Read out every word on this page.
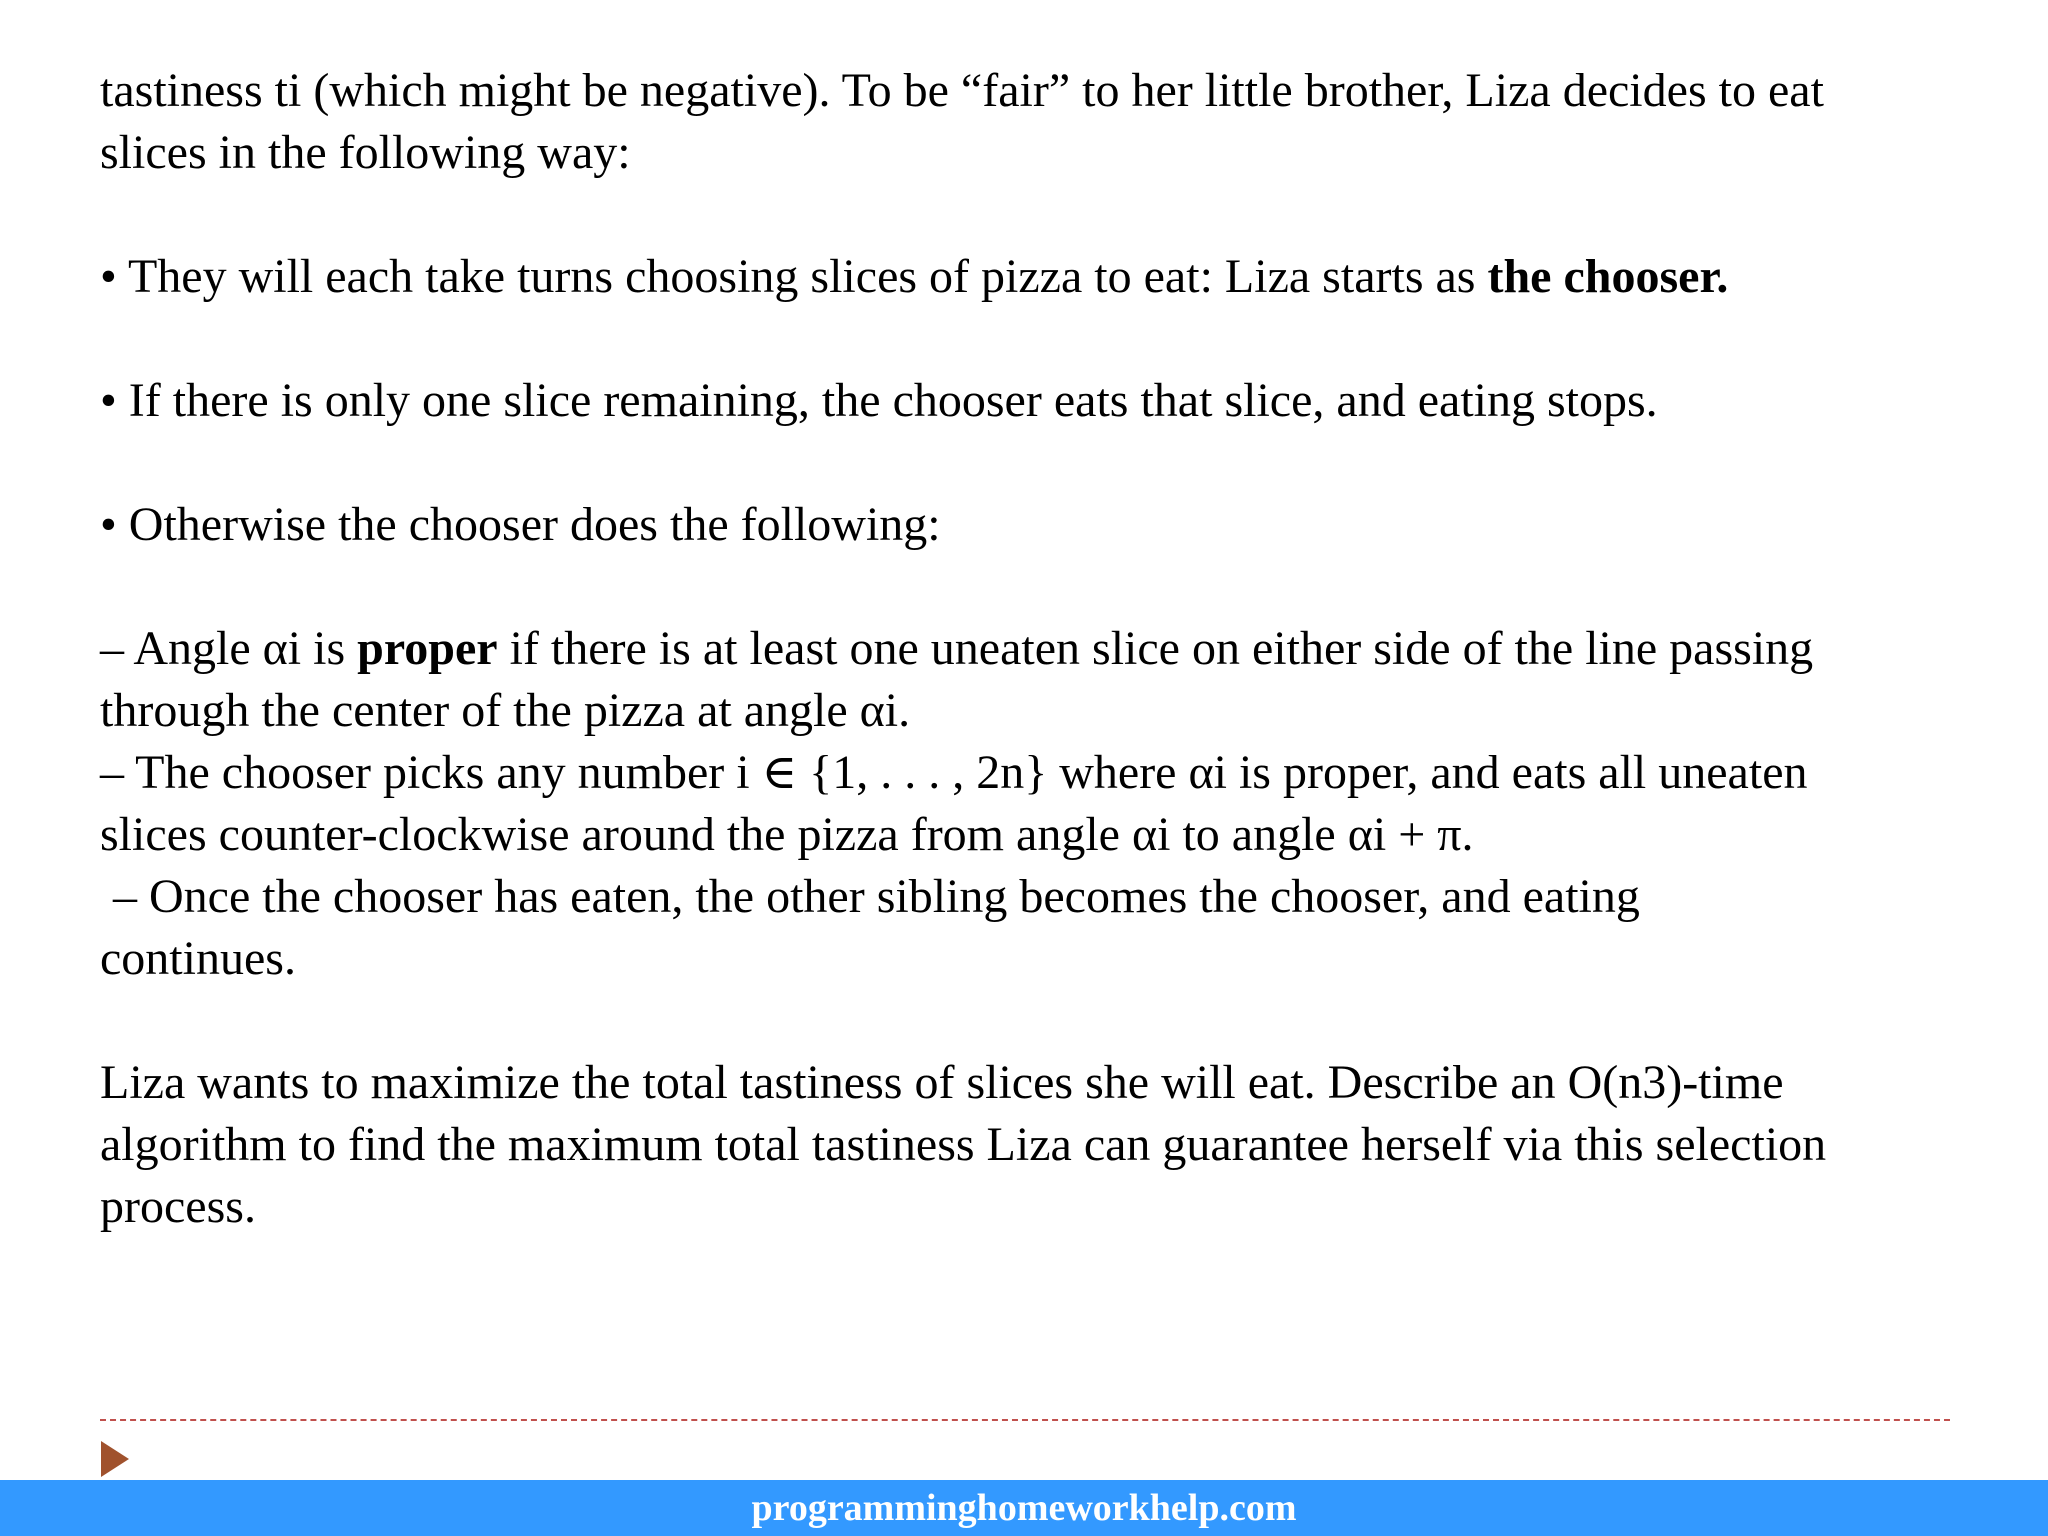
tastiness ti (which might be negative). To be “fair” to her little brother, Liza decides to eat
slices in the following way:
• They will each take turns choosing slices of pizza to eat: Liza starts as the chooser.
• If there is only one slice remaining, the chooser eats that slice, and eating stops.
• Otherwise the chooser does the following:
– Angle αi is proper if there is at least one uneaten slice on either side of the line passing
through the center of the pizza at angle αi.
– The chooser picks any number i ∈ {1, . . . , 2n} where αi is proper, and eats all uneaten
slices counter-clockwise around the pizza from angle αi to angle αi + π.
– Once the chooser has eaten, the other sibling becomes the chooser, and eating
continues.
Liza wants to maximize the total tastiness of slices she will eat. Describe an O(n3)-time
algorithm to find the maximum total tastiness Liza can guarantee herself via this selection
process.
programminghomeworkhelp.com
